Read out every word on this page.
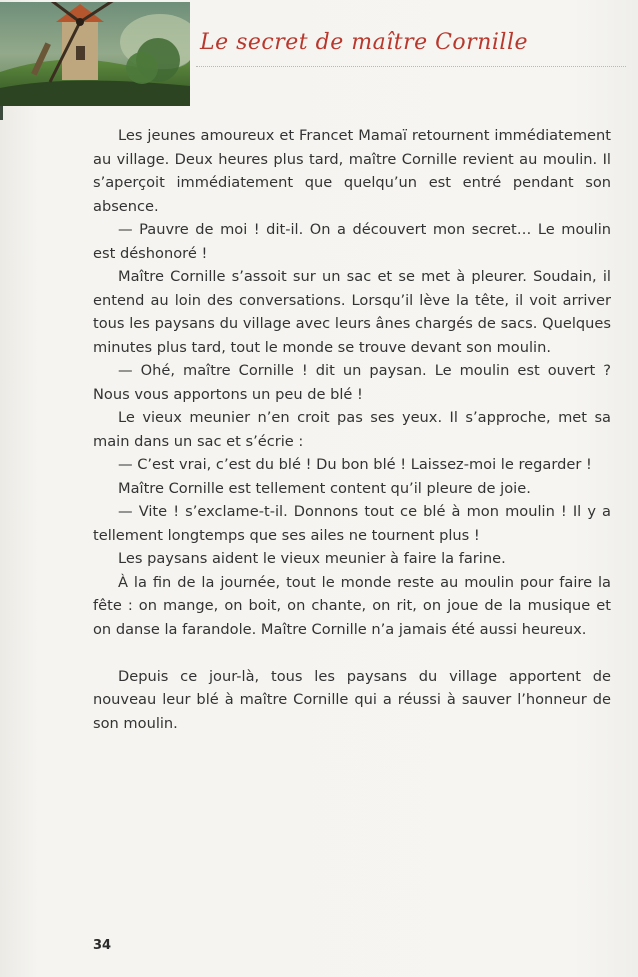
Le secret de maître Cornille

Les jeunes amoureux et Francet Mamaï retournent immédiatement au village. Deux heures plus tard, maître Cornille revient au moulin. Il s’aperçoit immédiatement que quelqu’un est entré pendant son absence.

— Pauvre de moi ! dit-il. On a découvert mon secret… Le moulin est déshonoré !

Maître Cornille s’assoit sur un sac et se met à pleurer. Soudain, il entend au loin des conversations. Lorsqu’il lève la tête, il voit arriver tous les paysans du village avec leurs ânes chargés de sacs. Quelques minutes plus tard, tout le monde se trouve devant son moulin.

— Ohé, maître Cornille ! dit un paysan. Le moulin est ouvert ? Nous vous apportons un peu de blé !

Le vieux meunier n’en croit pas ses yeux. Il s’approche, met sa main dans un sac et s’écrie :

— C’est vrai, c’est du blé ! Du bon blé ! Laissez-moi le regarder !

Maître Cornille est tellement content qu’il pleure de joie.

— Vite ! s’exclame-t-il. Donnons tout ce blé à mon moulin ! Il y a tellement longtemps que ses ailes ne tournent plus !

Les paysans aident le vieux meunier à faire la farine.

À la fin de la journée, tout le monde reste au moulin pour faire la fête : on mange, on boit, on chante, on rit, on joue de la musique et on danse la farandole. Maître Cornille n’a jamais été aussi heureux.

Depuis ce jour-là, tous les paysans du village apportent de nouveau leur blé à maître Cornille qui a réussi à sauver l’honneur de son moulin.

34
